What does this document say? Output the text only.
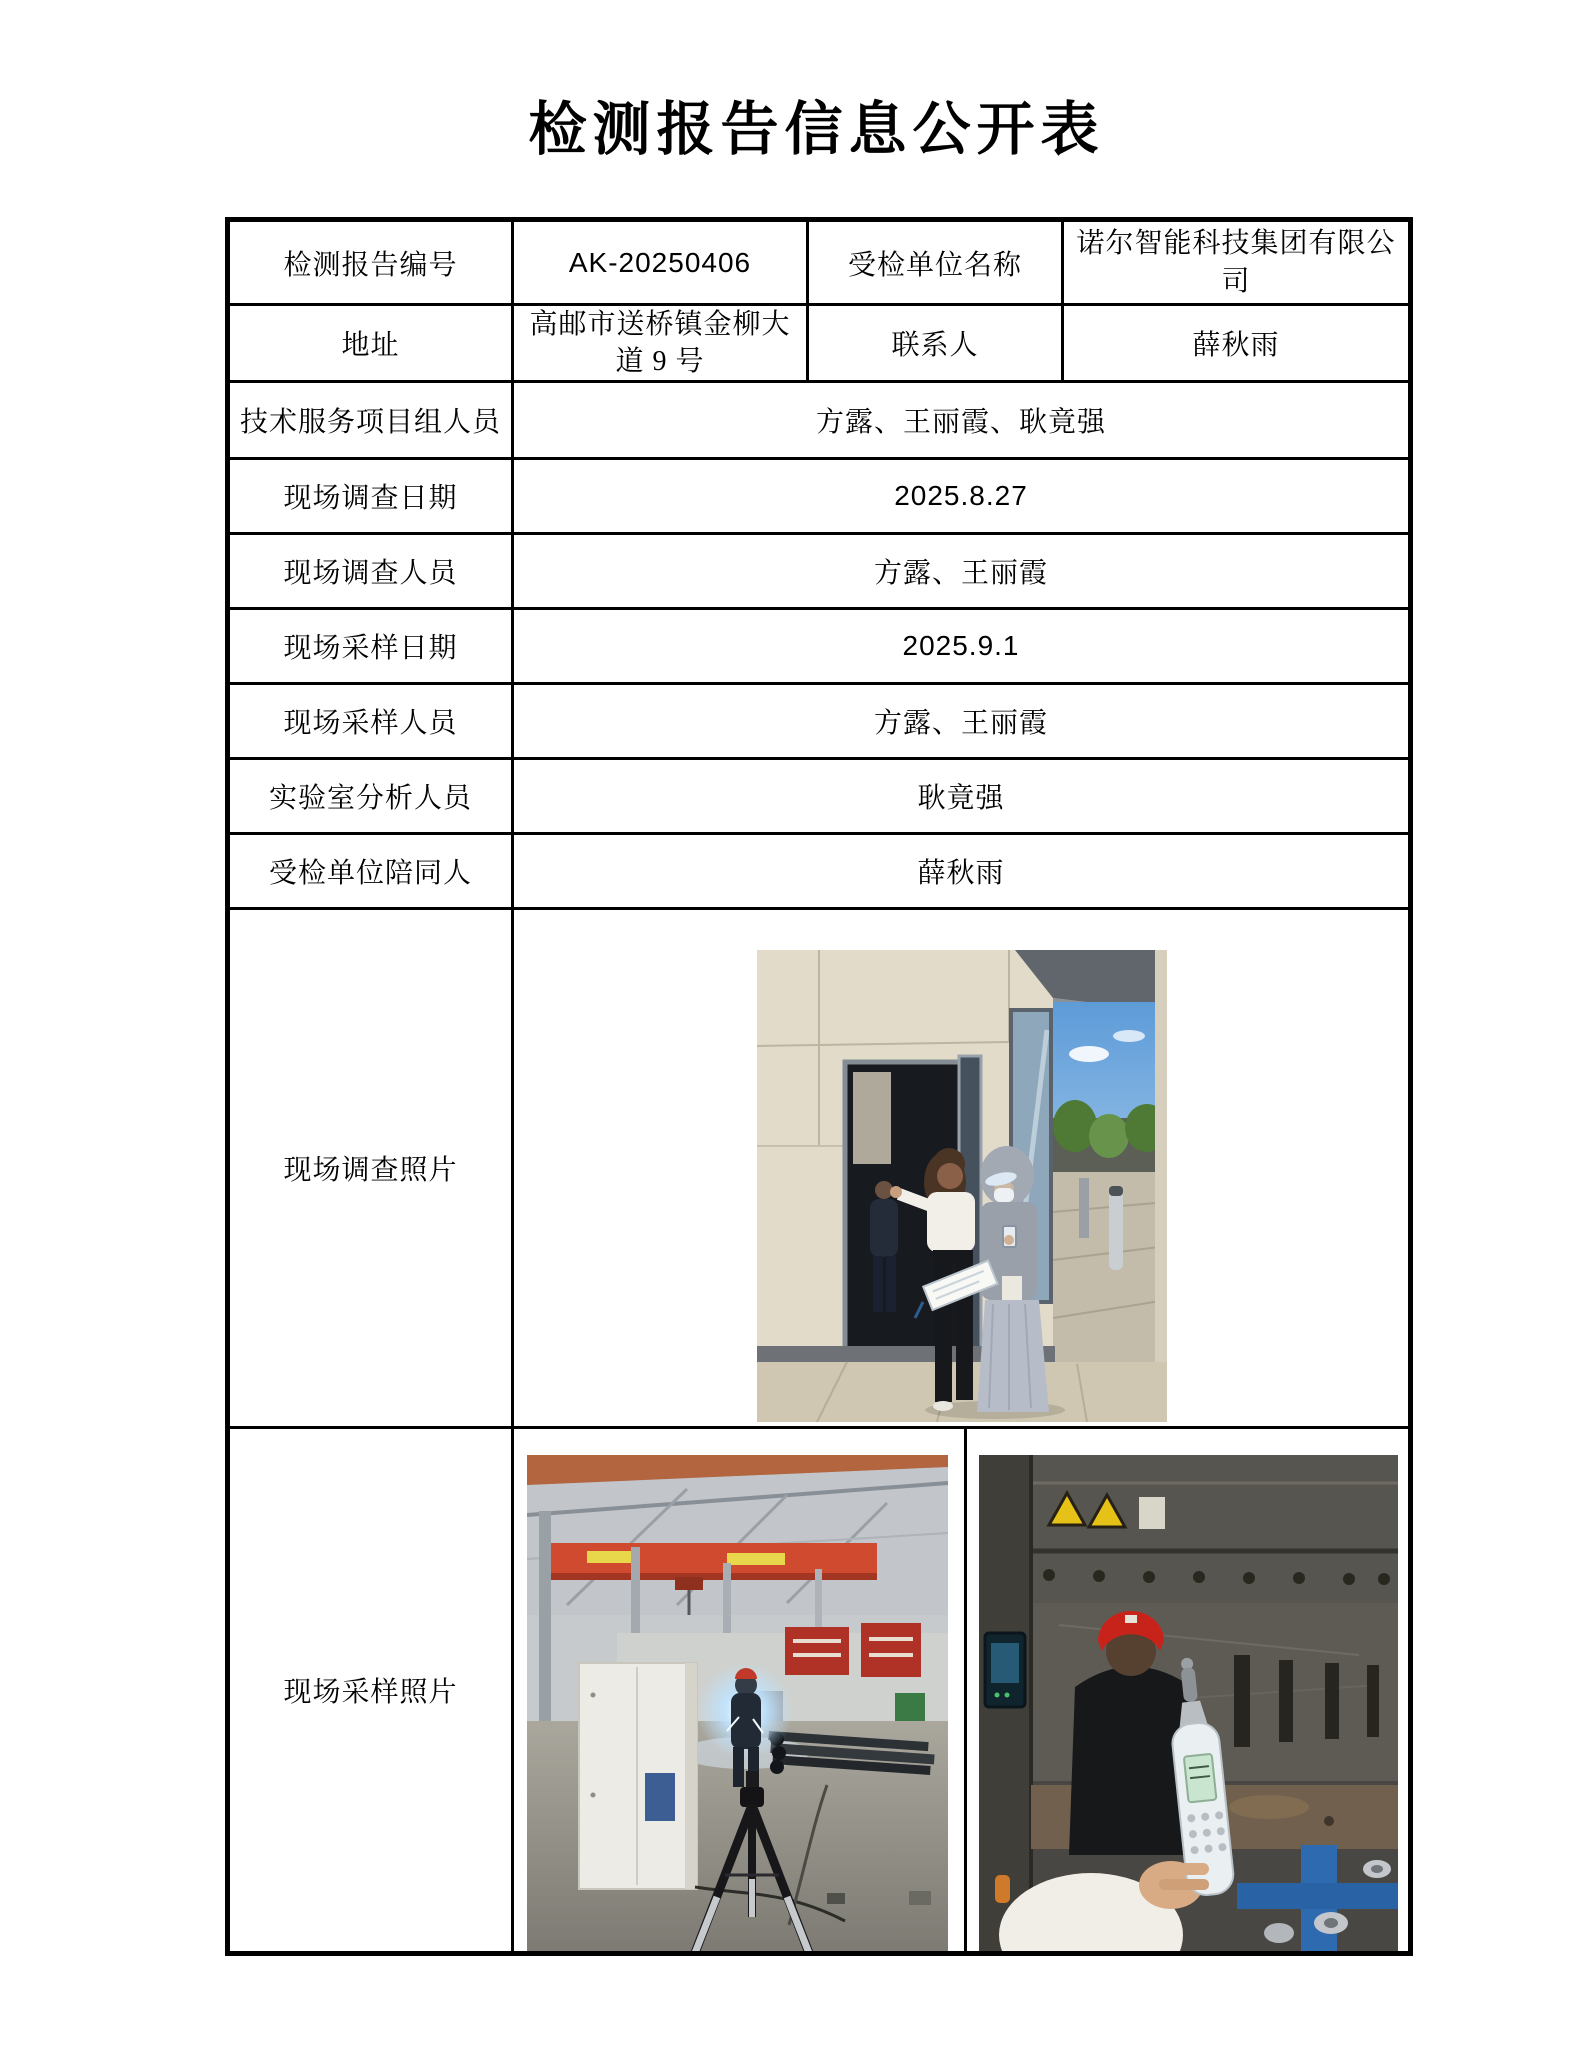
检测报告信息公开表
检测报告编号	AK-20250406	受检单位名称	诺尔智能科技集团有限公司
地址	高邮市送桥镇金柳大道 9 号	联系人	薛秋雨
技术服务项目组人员	方露、王丽霞、耿竟强		
现场调查日期	2025.8.27		
现场调查人员	方露、王丽霞		
现场采样日期	2025.9.1		
现场采样人员	方露、王丽霞		
实验室分析人员	耿竟强		
受检单位陪同人	薛秋雨		
现场调查照片	

现场采样照片	
